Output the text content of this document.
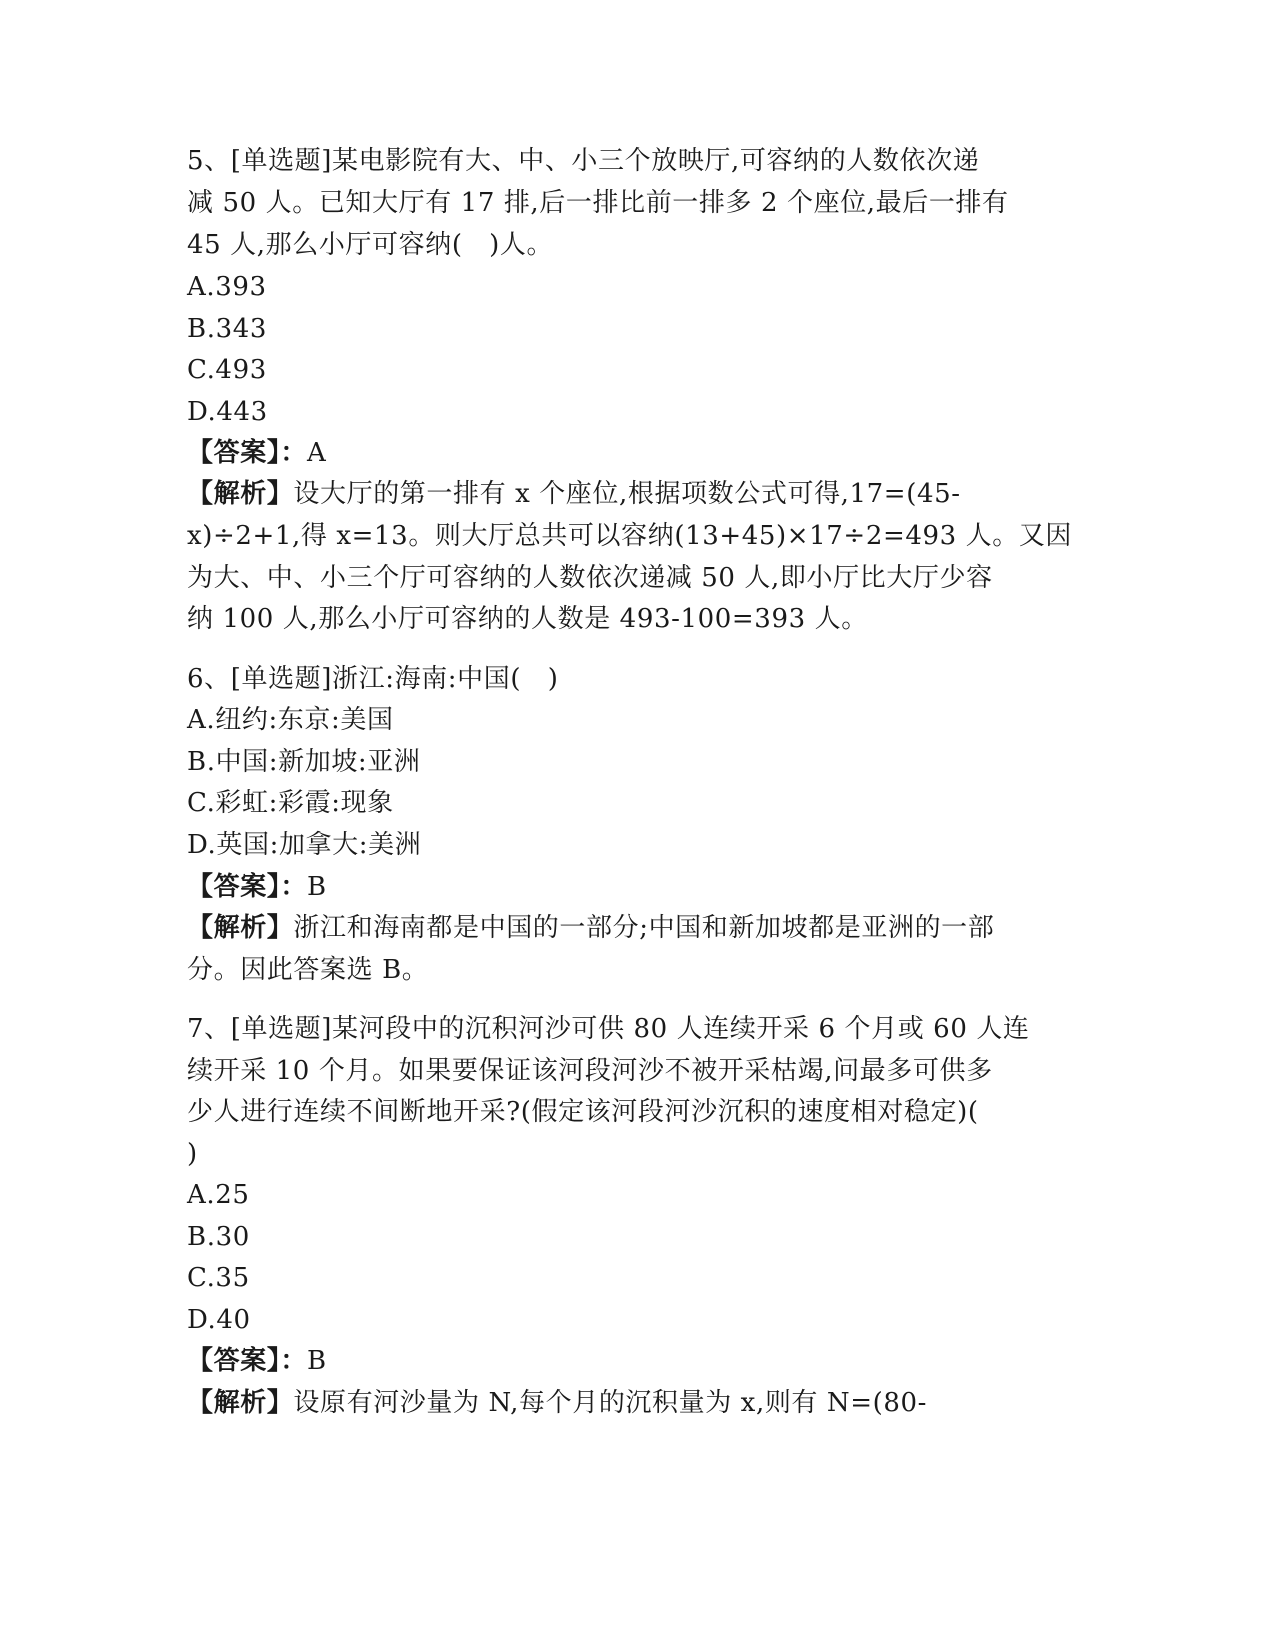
5、[单选题]某电影院有大、中、小三个放映厅,可容纳的人数依次递
减 50 人。已知大厅有 17 排,后一排比前一排多 2 个座位,最后一排有
45 人,那么小厅可容纳(　)人。
A.393
B.343
C.493
D.443
【答案】：A
【解析】设大厅的第一排有 x 个座位,根据项数公式可得,17=(45-
x)÷2+1,得 x=13。则大厅总共可以容纳(13+45)×17÷2=493 人。又因
为大、中、小三个厅可容纳的人数依次递减 50 人,即小厅比大厅少容
纳 100 人,那么小厅可容纳的人数是 493-100=393 人。
6、[单选题]浙江:海南:中国(　)
A.纽约:东京:美国
B.中国:新加坡:亚洲
C.彩虹:彩霞:现象
D.英国:加拿大:美洲
【答案】：B
【解析】浙江和海南都是中国的一部分;中国和新加坡都是亚洲的一部
分。因此答案选 B。
7、[单选题]某河段中的沉积河沙可供 80 人连续开采 6 个月或 60 人连
续开采 10 个月。如果要保证该河段河沙不被开采枯竭,问最多可供多
少人进行连续不间断地开采?(假定该河段河沙沉积的速度相对稳定)(
)
A.25
B.30
C.35
D.40
【答案】：B
【解析】设原有河沙量为 N,每个月的沉积量为 x,则有 N=(80-
